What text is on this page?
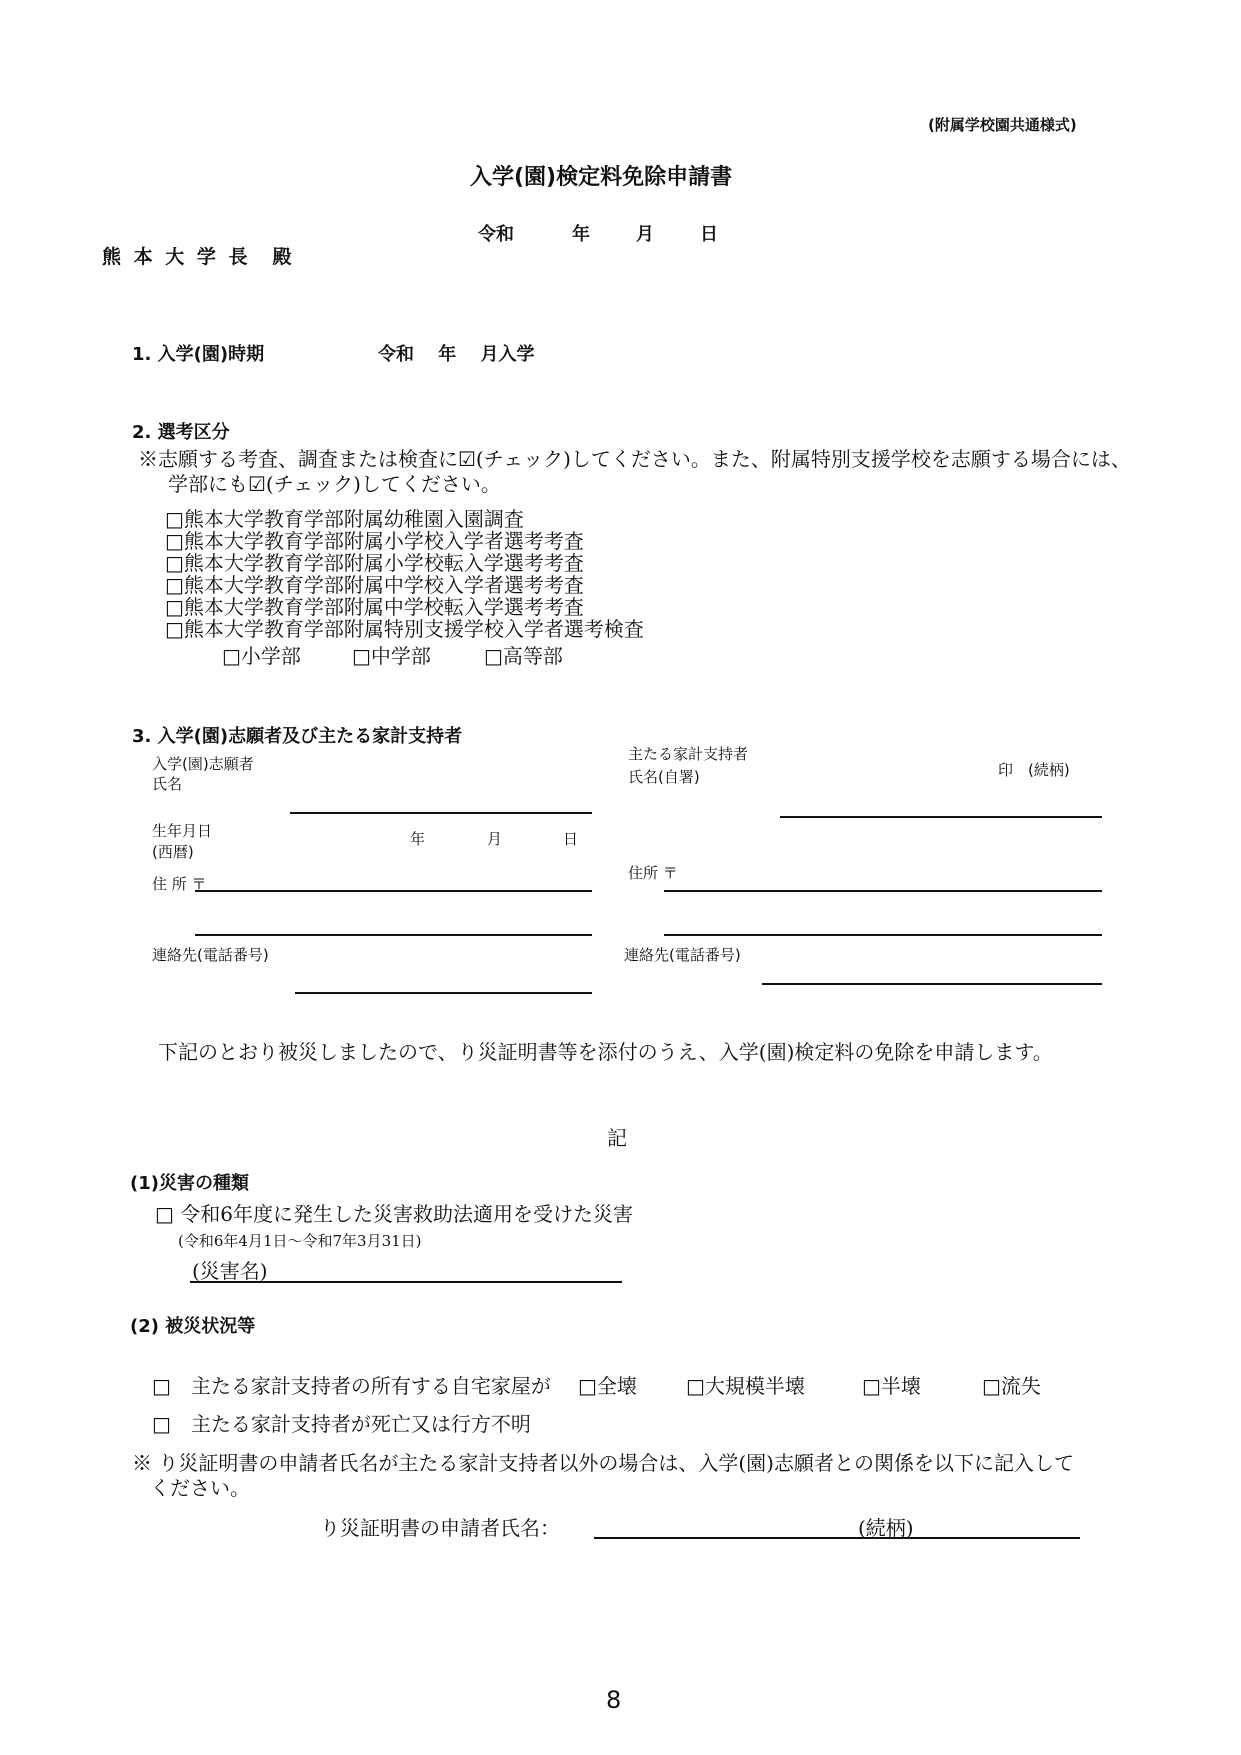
(附属学校園共通様式)
入学(園)検定料免除申請書
令和	年	月	日
熊 本 大 学 長　殿
1. 入学(園)時期	令和　 年　 月入学
2. 選考区分
※志願する考査、調査または検査に☑(チェック)してください。また、附属特別支援学校を志願する場合には、
学部にも☑(チェック)してください。
□熊本大学教育学部附属幼稚園入園調査
□熊本大学教育学部附属小学校入学者選考考査
□熊本大学教育学部附属小学校転入学選考考査
□熊本大学教育学部附属中学校入学者選考考査
□熊本大学教育学部附属中学校転入学選考考査
□熊本大学教育学部附属特別支援学校入学者選考検査
□小学部	□中学部	□高等部
3. 入学(園)志願者及び主たる家計支持者
入学(園)志願者
氏名
生年月日
(西暦)
年	月	日
住 所 〒
連絡先(電話番号)
主たる家計支持者
氏名(自署)	印　(続柄)
住所 〒
連絡先(電話番号)
下記のとおり被災しましたので、り災証明書等を添付のうえ、入学(園)検定料の免除を申請します。
記
(1)災害の種類
□ 令和6年度に発生した災害救助法適用を受けた災害
(令和6年4月1日～令和7年3月31日)
(災害名)
(2) 被災状況等
□　主たる家計支持者の所有する自宅家屋が □全壊 □大規模半壊	□半壊	□流失
□　主たる家計支持者が死亡又は行方不明
※ り災証明書の申請者氏名が主たる家計支持者以外の場合は、入学(園)志願者との関係を以下に記入して
ください。
り災証明書の申請者氏名：	(続柄)
8
